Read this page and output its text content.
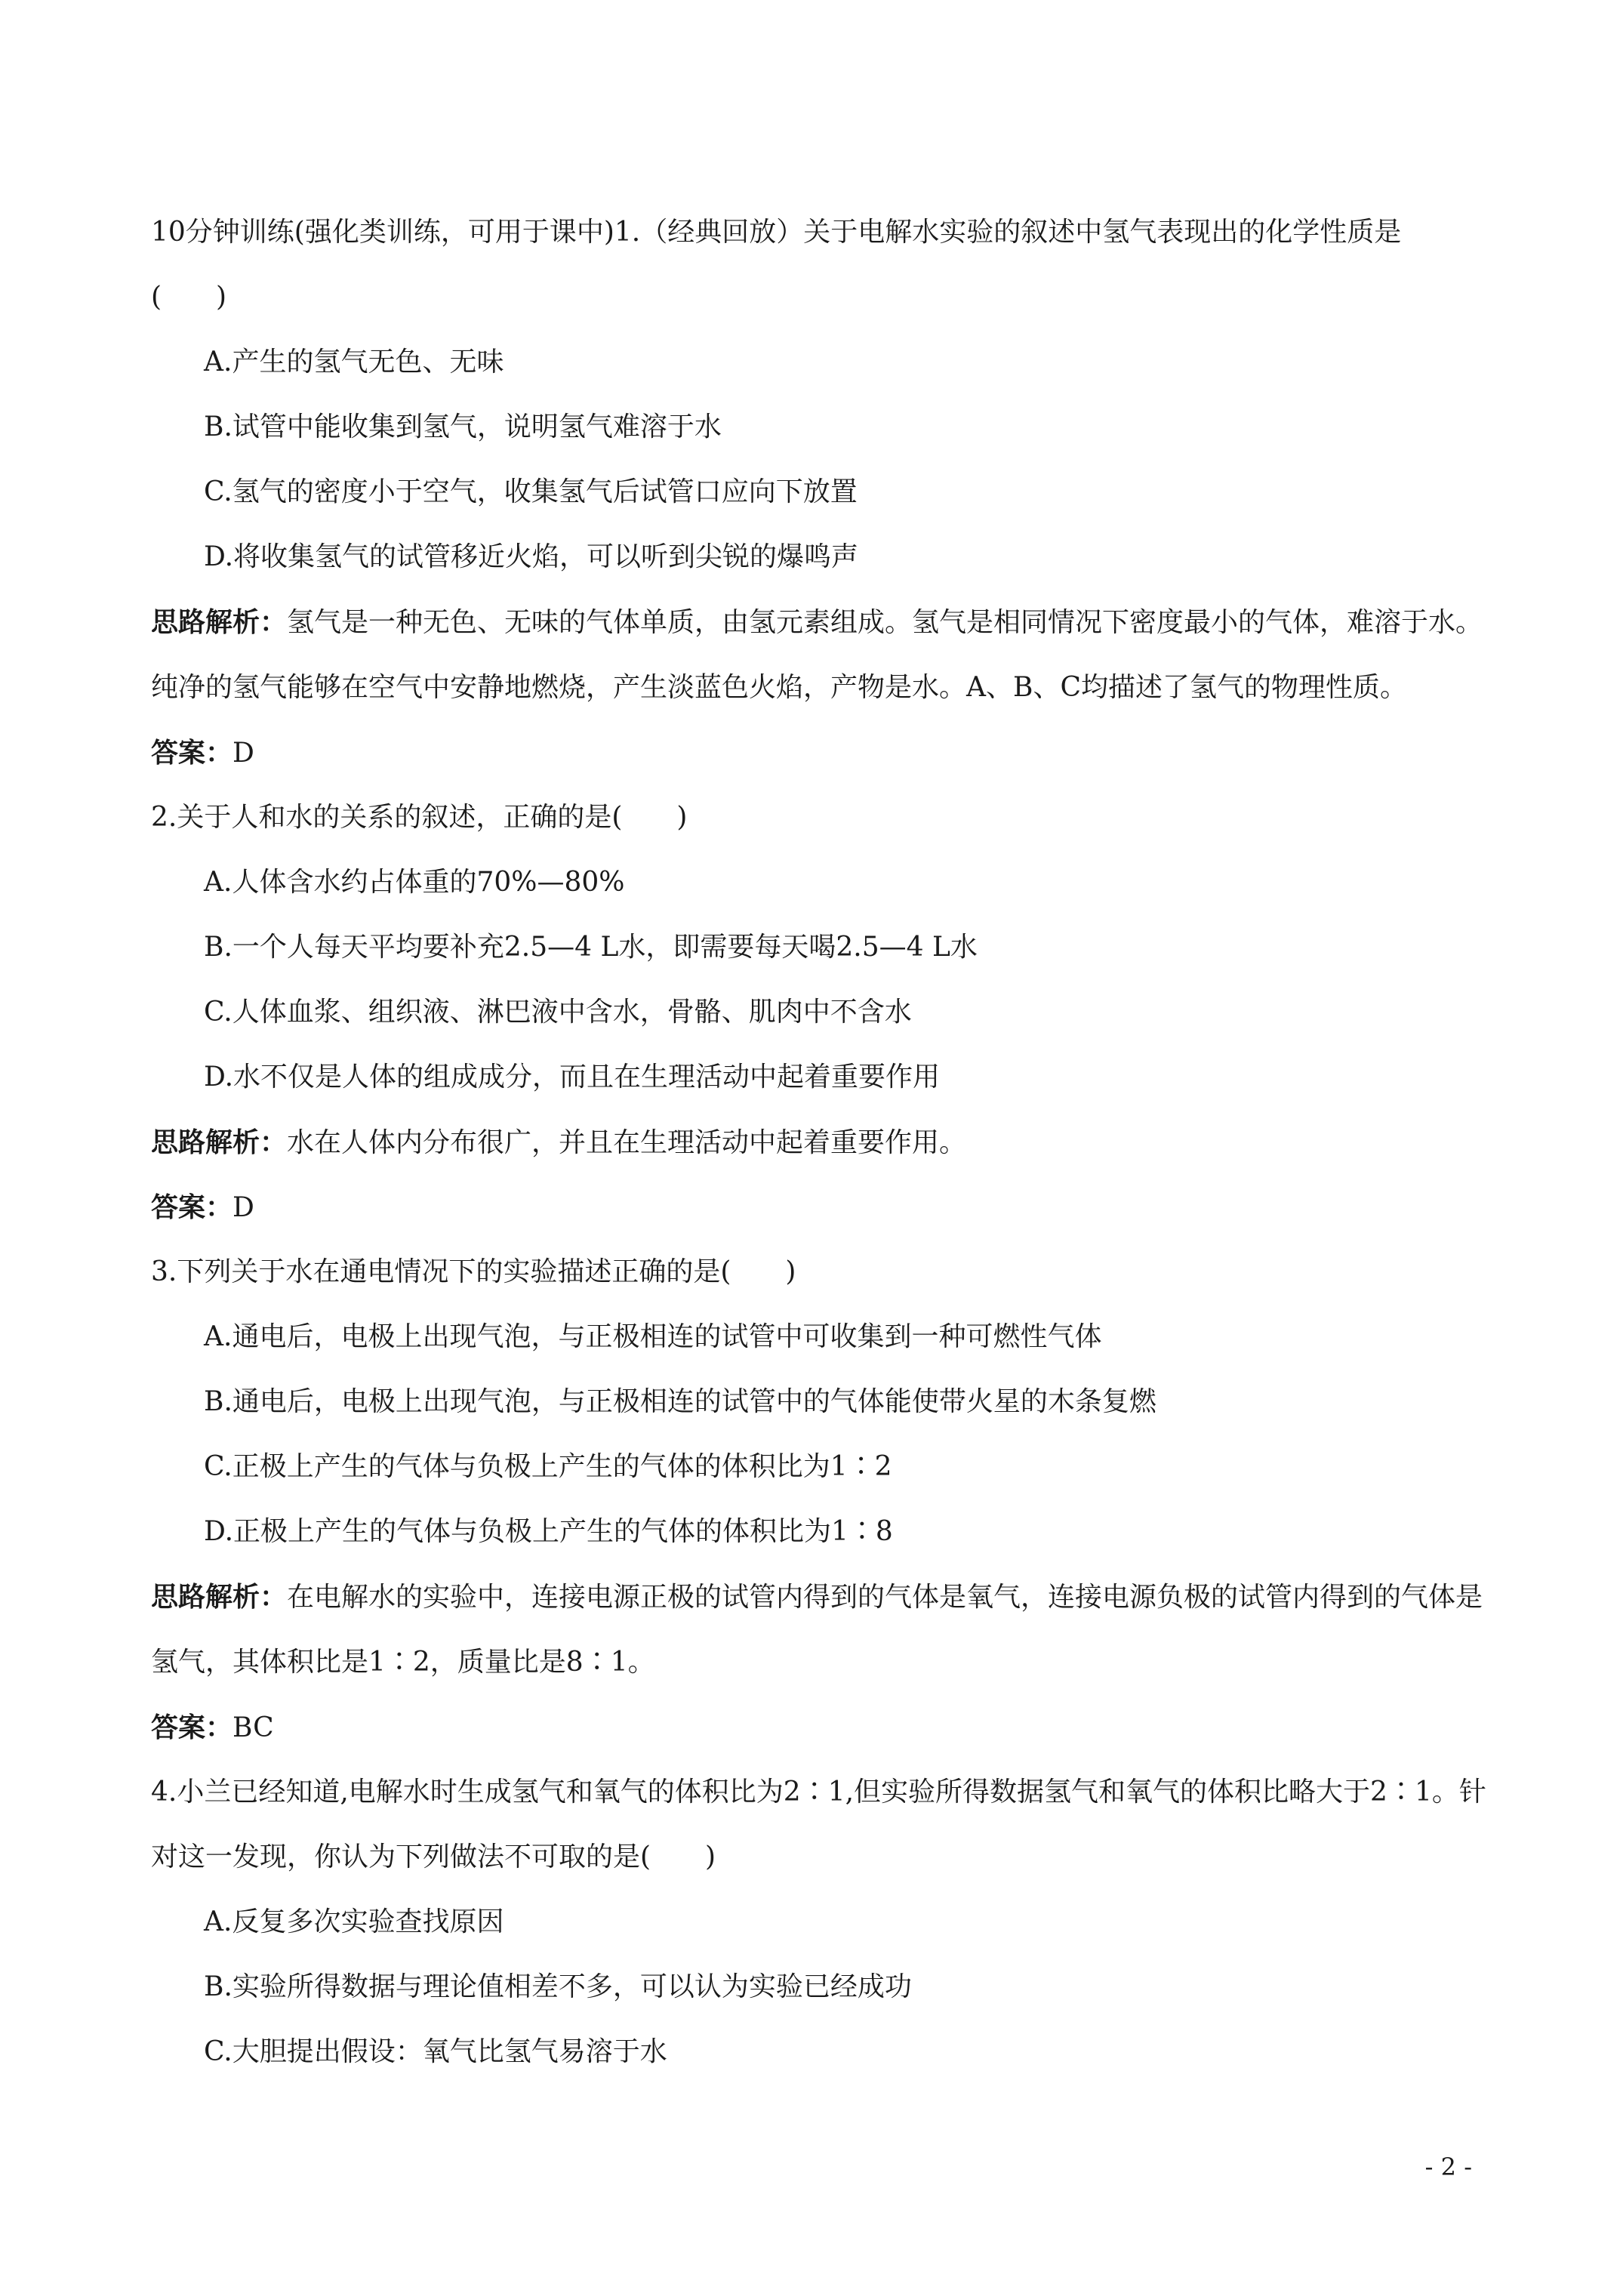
10分钟训练(强化类训练，可用于课中)1.（经典回放）关于电解水实验的叙述中氢气表现出的化学性质是
(　　)
A.产生的氢气无色、无味
B.试管中能收集到氢气，说明氢气难溶于水
C.氢气的密度小于空气，收集氢气后试管口应向下放置
D.将收集氢气的试管移近火焰，可以听到尖锐的爆鸣声
思路解析：氢气是一种无色、无味的气体单质，由氢元素组成。氢气是相同情况下密度最小的气体，难溶于水。纯净的氢气能够在空气中安静地燃烧，产生淡蓝色火焰，产物是水。A、B、C均描述了氢气的物理性质。
答案：D
2.关于人和水的关系的叙述，正确的是(　　)
A.人体含水约占体重的70%—80%
B.一个人每天平均要补充2.5—4 L水，即需要每天喝2.5—4 L水
C.人体血浆、组织液、淋巴液中含水，骨骼、肌肉中不含水
D.水不仅是人体的组成成分，而且在生理活动中起着重要作用
思路解析：水在人体内分布很广，并且在生理活动中起着重要作用。
答案：D
3.下列关于水在通电情况下的实验描述正确的是(　　)
A.通电后，电极上出现气泡，与正极相连的试管中可收集到一种可燃性气体
B.通电后，电极上出现气泡，与正极相连的试管中的气体能使带火星的木条复燃
C.正极上产生的气体与负极上产生的气体的体积比为1∶2
D.正极上产生的气体与负极上产生的气体的体积比为1∶8
思路解析：在电解水的实验中，连接电源正极的试管内得到的气体是氧气，连接电源负极的试管内得到的气体是氢气，其体积比是1∶2，质量比是8∶1。
答案：BC
4.小兰已经知道,电解水时生成氢气和氧气的体积比为2∶1,但实验所得数据氢气和氧气的体积比略大于2∶1。针对这一发现，你认为下列做法不可取的是(　　)
A.反复多次实验查找原因
B.实验所得数据与理论值相差不多，可以认为实验已经成功
C.大胆提出假设：氧气比氢气易溶于水
- 2 -
